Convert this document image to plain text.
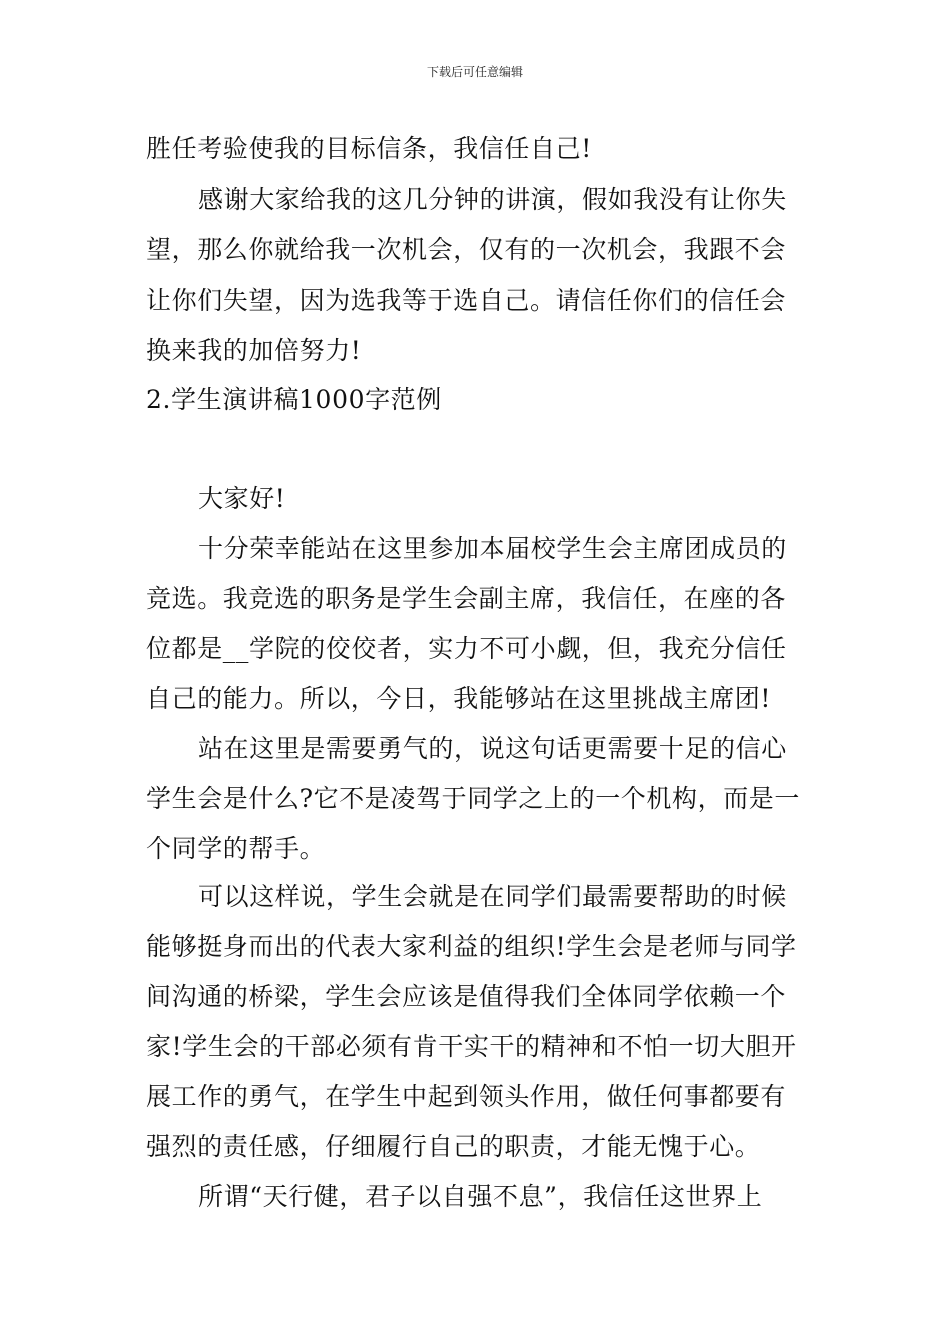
下载后可任意编辑
胜任考验使我的目标信条，我信任自己!
感谢大家给我的这几分钟的讲演，假如我没有让你失
望，那么你就给我一次机会，仅有的一次机会，我跟不会
让你们失望，因为选我等于选自己。请信任你们的信任会
换来我的加倍努力!
2.学生演讲稿1000字范例
大家好!
十分荣幸能站在这里参加本届校学生会主席团成员的
竞选。我竞选的职务是学生会副主席，我信任，在座的各
位都是__学院的佼佼者，实力不可小觑，但，我充分信任
自己的能力。所以，今日，我能够站在这里挑战主席团!
站在这里是需要勇气的，说这句话更需要十足的信心
学生会是什么?它不是凌驾于同学之上的一个机构，而是一
个同学的帮手。
可以这样说，学生会就是在同学们最需要帮助的时候
能够挺身而出的代表大家利益的组织!学生会是老师与同学
间沟通的桥梁，学生会应该是值得我们全体同学依赖一个
家!学生会的干部必须有肯干实干的精神和不怕一切大胆开
展工作的勇气，在学生中起到领头作用，做任何事都要有
强烈的责任感，仔细履行自己的职责，才能无愧于心。
所谓“天行健，君子以自强不息”，我信任这世界上
